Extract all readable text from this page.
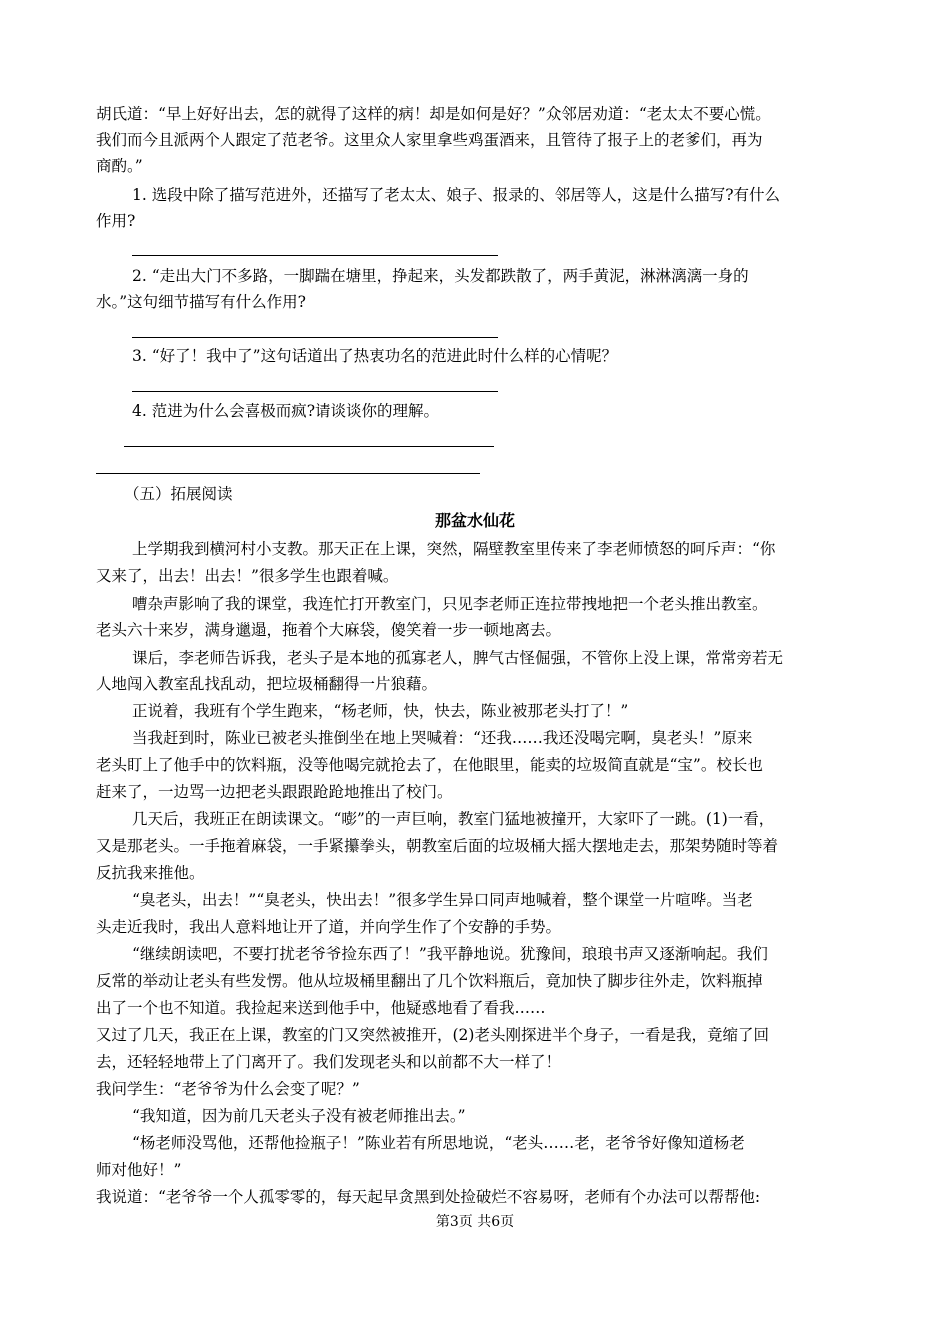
胡氏道：“早上好好出去，怎的就得了这样的病！却是如何是好？”众邻居劝道：“老太太不要心慌。
我们而今且派两个人跟定了范老爷。这里众人家里拿些鸡蛋酒来，且管待了报子上的老爹们，再为
商酌。”
1. 选段中除了描写范进外，还描写了老太太、娘子、报录的、邻居等人，这是什么描写?有什么
作用?
2. “走出大门不多路，一脚踹在塘里，挣起来，头发都跌散了，两手黄泥，淋淋漓漓一身的
水。”这句细节描写有什么作用?
3. “好了！我中了”这句话道出了热衷功名的范进此时什么样的心情呢？
4. 范进为什么会喜极而疯?请谈谈你的理解。
（五）拓展阅读
那盆水仙花
上学期我到横河村小支教。那天正在上课，突然，隔壁教室里传来了李老师愤怒的呵斥声：“你
又来了，出去！出去！”很多学生也跟着喊。
嘈杂声影响了我的课堂，我连忙打开教室门，只见李老师正连拉带拽地把一个老头推出教室。
老头六十来岁，满身邋遢，拖着个大麻袋，傻笑着一步一顿地离去。
课后，李老师告诉我，老头子是本地的孤寡老人，脾气古怪倔强，不管你上没上课，常常旁若无
人地闯入教室乱找乱动，把垃圾桶翻得一片狼藉。
正说着，我班有个学生跑来，“杨老师，快，快去，陈业被那老头打了！”
当我赶到时，陈业已被老头推倒坐在地上哭喊着：“还我……我还没喝完啊，臭老头！”原来
老头盯上了他手中的饮料瓶，没等他喝完就抢去了，在他眼里，能卖的垃圾简直就是“宝”。校长也
赶来了，一边骂一边把老头跟跟跄跄地推出了校门。
几天后，我班正在朗读课文。“嘭”的一声巨响，教室门猛地被撞开，大家吓了一跳。(1)一看，
又是那老头。一手拖着麻袋，一手紧攥拳头，朝教室后面的垃圾桶大摇大摆地走去，那架势随时等着
反抗我来推他。
“臭老头，出去！”“臭老头，快出去！”很多学生异口同声地喊着，整个课堂一片喧哗。当老
头走近我时，我出人意料地让开了道，并向学生作了个安静的手势。
“继续朗读吧，不要打扰老爷爷捡东西了！”我平静地说。犹豫间，琅琅书声又逐渐响起。我们
反常的举动让老头有些发愣。他从垃圾桶里翻出了几个饮料瓶后，竟加快了脚步往外走，饮料瓶掉
出了一个也不知道。我捡起来送到他手中，他疑惑地看了看我……
又过了几天，我正在上课，教室的门又突然被推开，(2)老头刚探进半个身子，一看是我，竟缩了回
去，还轻轻地带上了门离开了。我们发现老头和以前都不大一样了！
我问学生：“老爷爷为什么会变了呢？”
“我知道，因为前几天老头子没有被老师推出去。”
“杨老师没骂他，还帮他捡瓶子！”陈业若有所思地说，“老头……老，老爷爷好像知道杨老
师对他好！”
我说道：“老爷爷一个人孤零零的，每天起早贪黑到处捡破烂不容易呀，老师有个办法可以帮帮他:
第3页 共6页
